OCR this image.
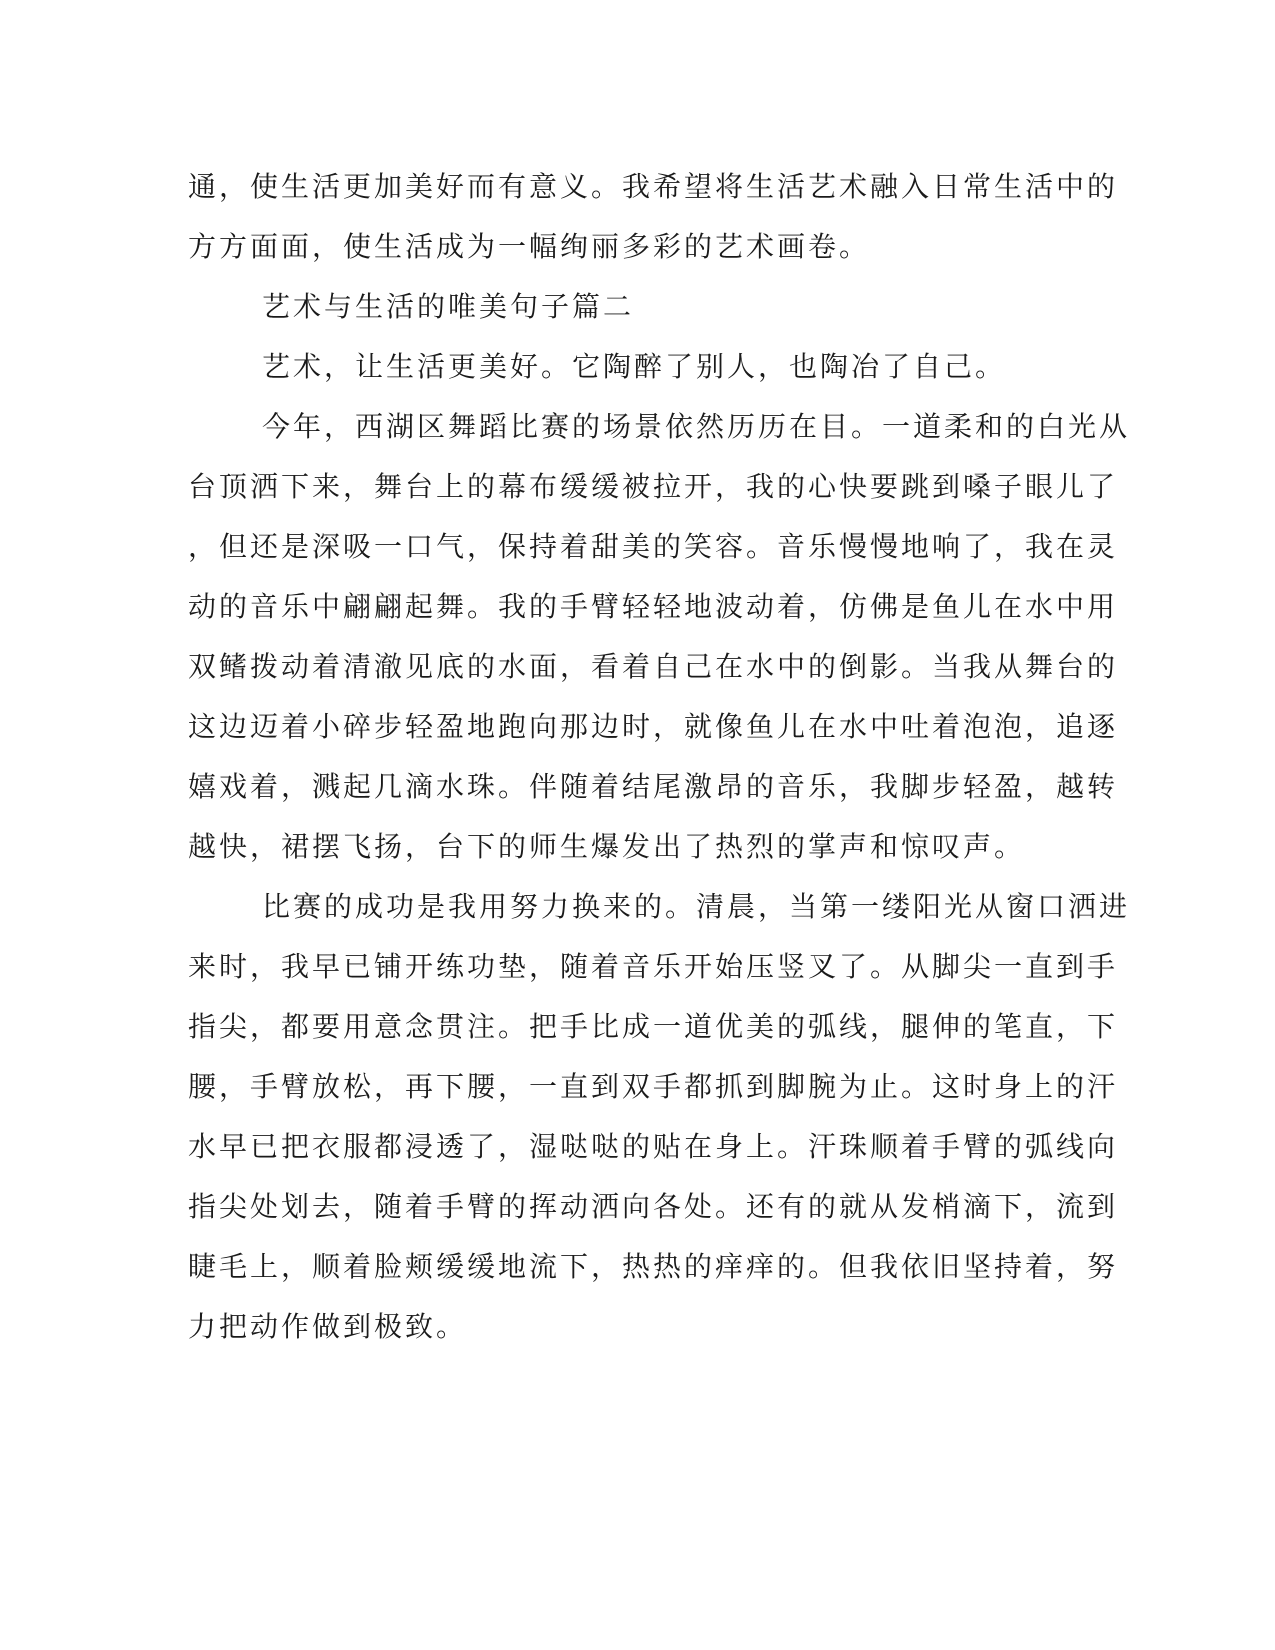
通，使生活更加美好而有意义。我希望将生活艺术融入日常生活中的
方方面面，使生活成为一幅绚丽多彩的艺术画卷。
艺术与生活的唯美句子篇二
艺术，让生活更美好。它陶醉了别人，也陶冶了自己。
今年，西湖区舞蹈比赛的场景依然历历在目。一道柔和的白光从
台顶洒下来，舞台上的幕布缓缓被拉开，我的心快要跳到嗓子眼儿了
，但还是深吸一口气，保持着甜美的笑容。音乐慢慢地响了，我在灵
动的音乐中翩翩起舞。我的手臂轻轻地波动着，仿佛是鱼儿在水中用
双鳍拨动着清澈见底的水面，看着自己在水中的倒影。当我从舞台的
这边迈着小碎步轻盈地跑向那边时，就像鱼儿在水中吐着泡泡，追逐
嬉戏着，溅起几滴水珠。伴随着结尾激昂的音乐，我脚步轻盈，越转
越快，裙摆飞扬，台下的师生爆发出了热烈的掌声和惊叹声。
比赛的成功是我用努力换来的。清晨，当第一缕阳光从窗口洒进
来时，我早已铺开练功垫，随着音乐开始压竖叉了。从脚尖一直到手
指尖，都要用意念贯注。把手比成一道优美的弧线，腿伸的笔直，下
腰，手臂放松，再下腰，一直到双手都抓到脚腕为止。这时身上的汗
水早已把衣服都浸透了，湿哒哒的贴在身上。汗珠顺着手臂的弧线向
指尖处划去，随着手臂的挥动洒向各处。还有的就从发梢滴下，流到
睫毛上，顺着脸颊缓缓地流下，热热的痒痒的。但我依旧坚持着，努
力把动作做到极致。
